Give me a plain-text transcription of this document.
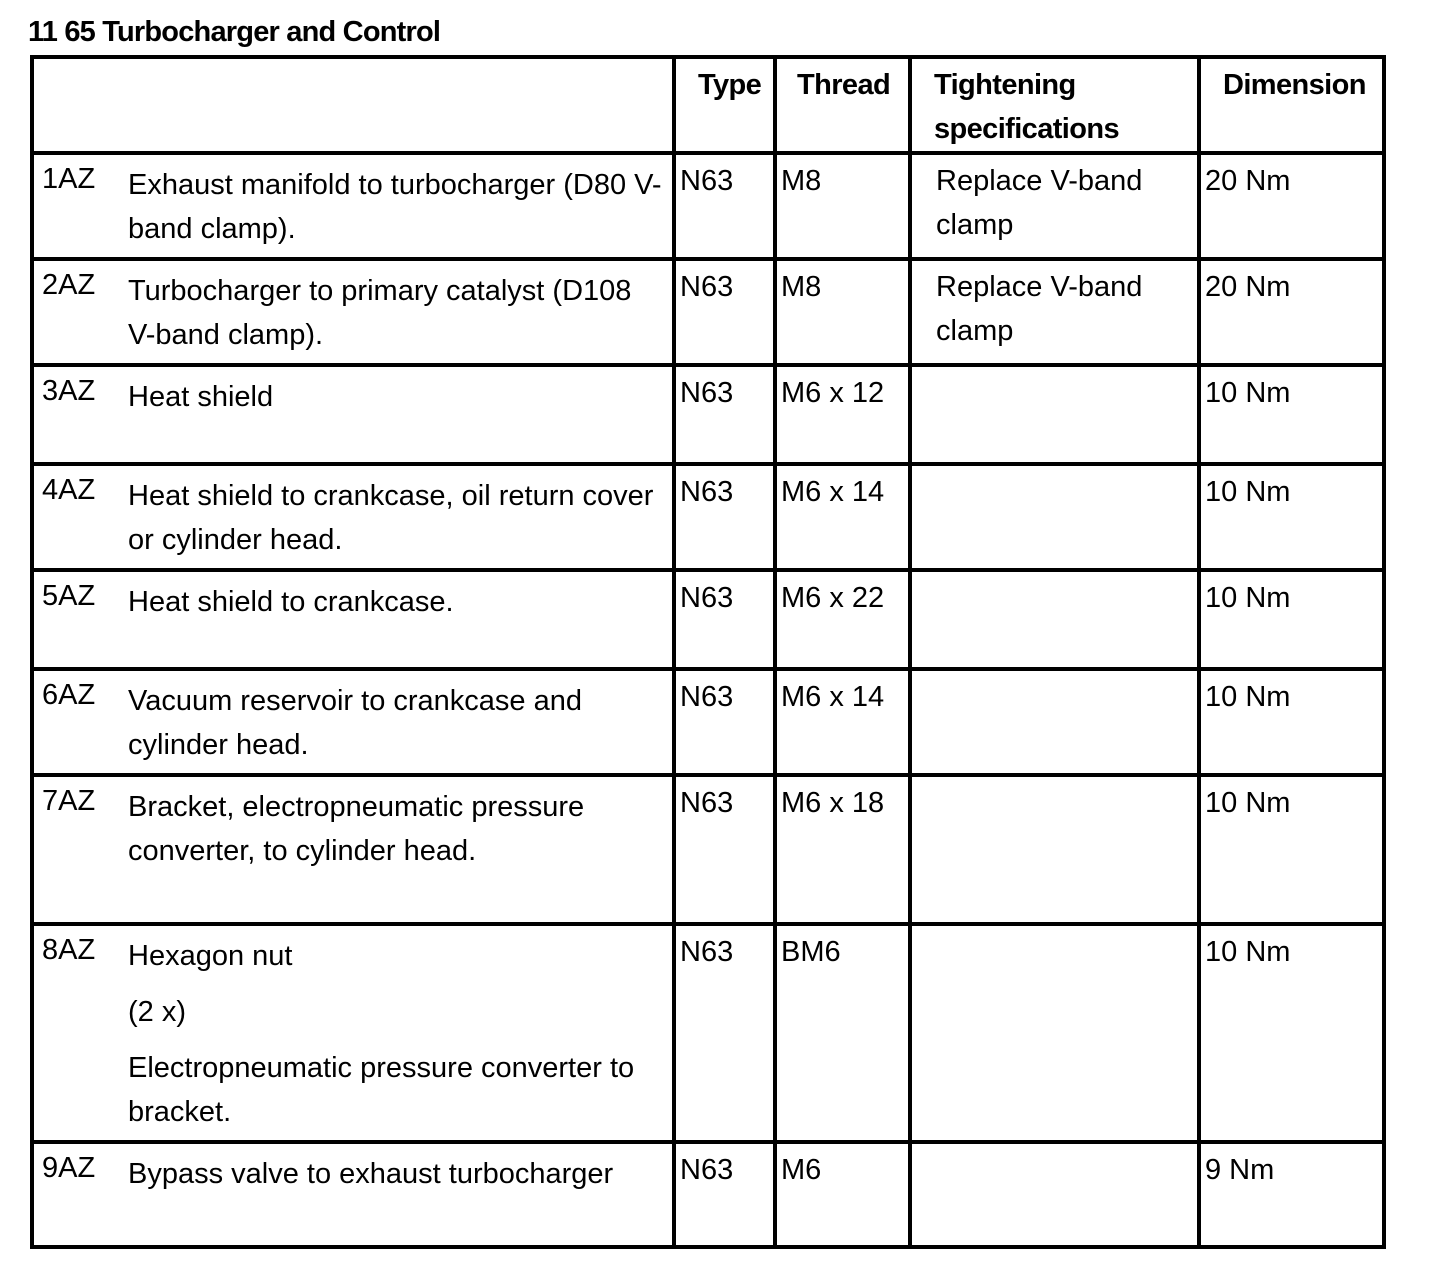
11 65 Turbocharger and Control
	Type	Thread	Tightening specifications	Dimension

1AZ Exhaust manifold to turbocharger (D80 V-band clamp).	N63	M8	Replace V-band clamp	20 Nm

2AZ Turbocharger to primary catalyst (D108 V-band clamp).	N63	M8	Replace V-band clamp	20 Nm

3AZ Heat shield	N63	M6 x 12		10 Nm

4AZ Heat shield to crankcase, oil return cover or cylinder head.	N63	M6 x 14		10 Nm

5AZ Heat shield to crankcase.	N63	M6 x 22		10 Nm

6AZ Vacuum reservoir to crankcase and cylinder head.	N63	M6 x 14		10 Nm

7AZ Bracket, electropneumatic pressure converter, to cylinder head.	N63	M6 x 18		10 Nm

8AZ Hexagon nut
(2 x)
Electropneumatic pressure converter to bracket.	N63	BM6		10 Nm

9AZ Bypass valve to exhaust turbocharger	N63	M6		9 Nm
